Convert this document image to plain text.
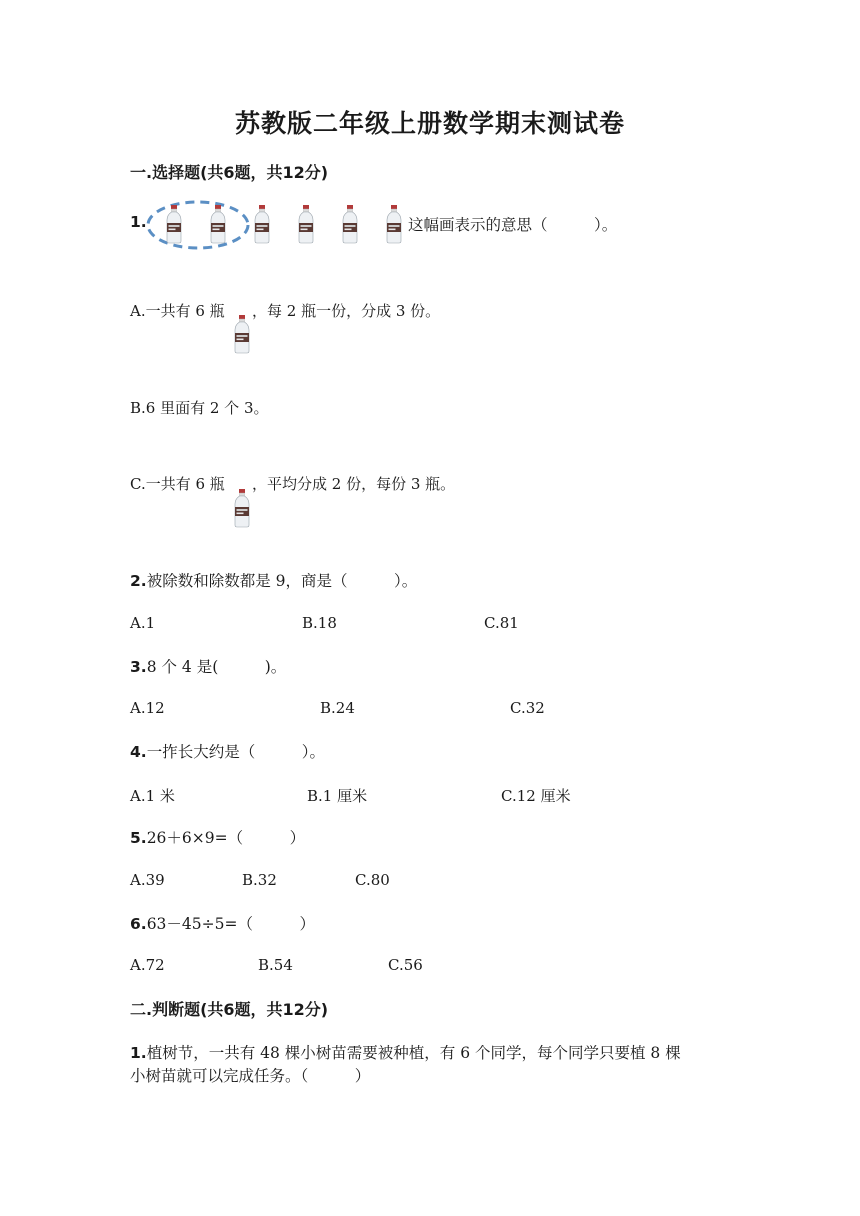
苏教版二年级上册数学期末测试卷
一.选择题(共6题，共12分)
1.	这幅画表示的意思（　　　）。
A.一共有 6 瓶 ，每 2 瓶一份，分成 3 份。
B.6 里面有 2 个 3。
C.一共有 6 瓶 ，平均分成 2 份，每份 3 瓶。
2.被除数和除数都是 9，商是（　　　）。
A.1	B.18	C.81
3.8 个 4 是(　　　)。
A.12	B.24	C.32
4.一拃长大约是（　　　）。
A.1 米	B.1 厘米	C.12 厘米
5.26＋6×9=（　　　）
A.39	B.32	C.80
6.63－45÷5=（　　　）
A.72	B.54	C.56
二.判断题(共6题，共12分)
1.植树节，一共有 48 棵小树苗需要被种植，有 6 个同学，每个同学只要植 8 棵
小树苗就可以完成任务。（　　　）
